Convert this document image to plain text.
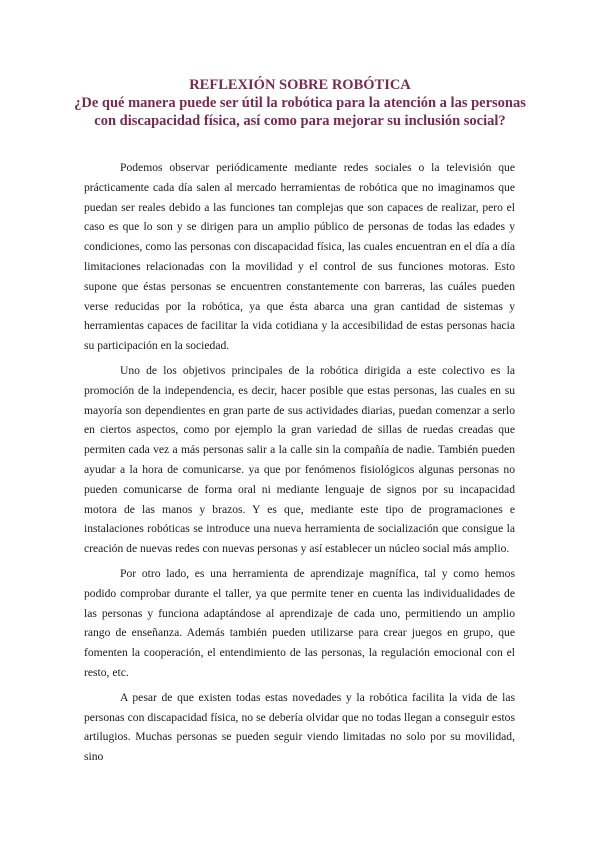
REFLEXIÓN SOBRE ROBÓTICA
¿De qué manera puede ser útil la robótica para la atención a las personas
con discapacidad física, así como para mejorar su inclusión social?

Podemos observar periódicamente mediante redes sociales o la televisión que prácticamente cada día salen al mercado herramientas de robótica que no imaginamos que puedan ser reales debido a las funciones tan complejas que son capaces de realizar, pero el caso es que lo son y se dirigen para un amplio público de personas de todas las edades y condiciones, como las personas con discapacidad física, las cuales encuentran en el día a día limitaciones relacionadas con la movilidad y el control de sus funciones motoras. Esto supone que éstas personas se encuentren constantemente con barreras, las cuáles pueden verse reducidas por la robótica, ya que ésta abarca una gran cantidad de sistemas y herramientas capaces de facilitar la vida cotidiana y la accesibilidad de estas personas hacia su participación en la sociedad.

Uno de los objetivos principales de la robótica dirigida a este colectivo es la promoción de la independencia, es decir, hacer posible que estas personas, las cuales en su mayoría son dependientes en gran parte de sus actividades diarias, puedan comenzar a serlo en ciertos aspectos, como por ejemplo la gran variedad de sillas de ruedas creadas que permiten cada vez a más personas salir a la calle sin la compañía de nadie. También pueden ayudar a la hora de comunicarse. ya que por fenómenos fisiológicos algunas personas no pueden comunicarse de forma oral ni mediante lenguaje de signos por su incapacidad motora de las manos y brazos. Y es que, mediante este tipo de programaciones e instalaciones robóticas se introduce una nueva herramienta de socialización que consigue la creación de nuevas redes con nuevas personas y así establecer un núcleo social más amplio.

Por otro lado, es una herramienta de aprendizaje magnífica, tal y como hemos podido comprobar durante el taller, ya que permite tener en cuenta las individualidades de las personas y funciona adaptándose al aprendizaje de cada uno, permitiendo un amplio rango de enseñanza. Además también pueden utilizarse para crear juegos en grupo, que fomenten la cooperación, el entendimiento de las personas, la regulación emocional con el resto, etc.

A pesar de que existen todas estas novedades y la robótica facilita la vida de las personas con discapacidad física, no se debería olvidar que no todas llegan a conseguir estos artilugios. Muchas personas se pueden seguir viendo limitadas no solo por su movilidad, sino
